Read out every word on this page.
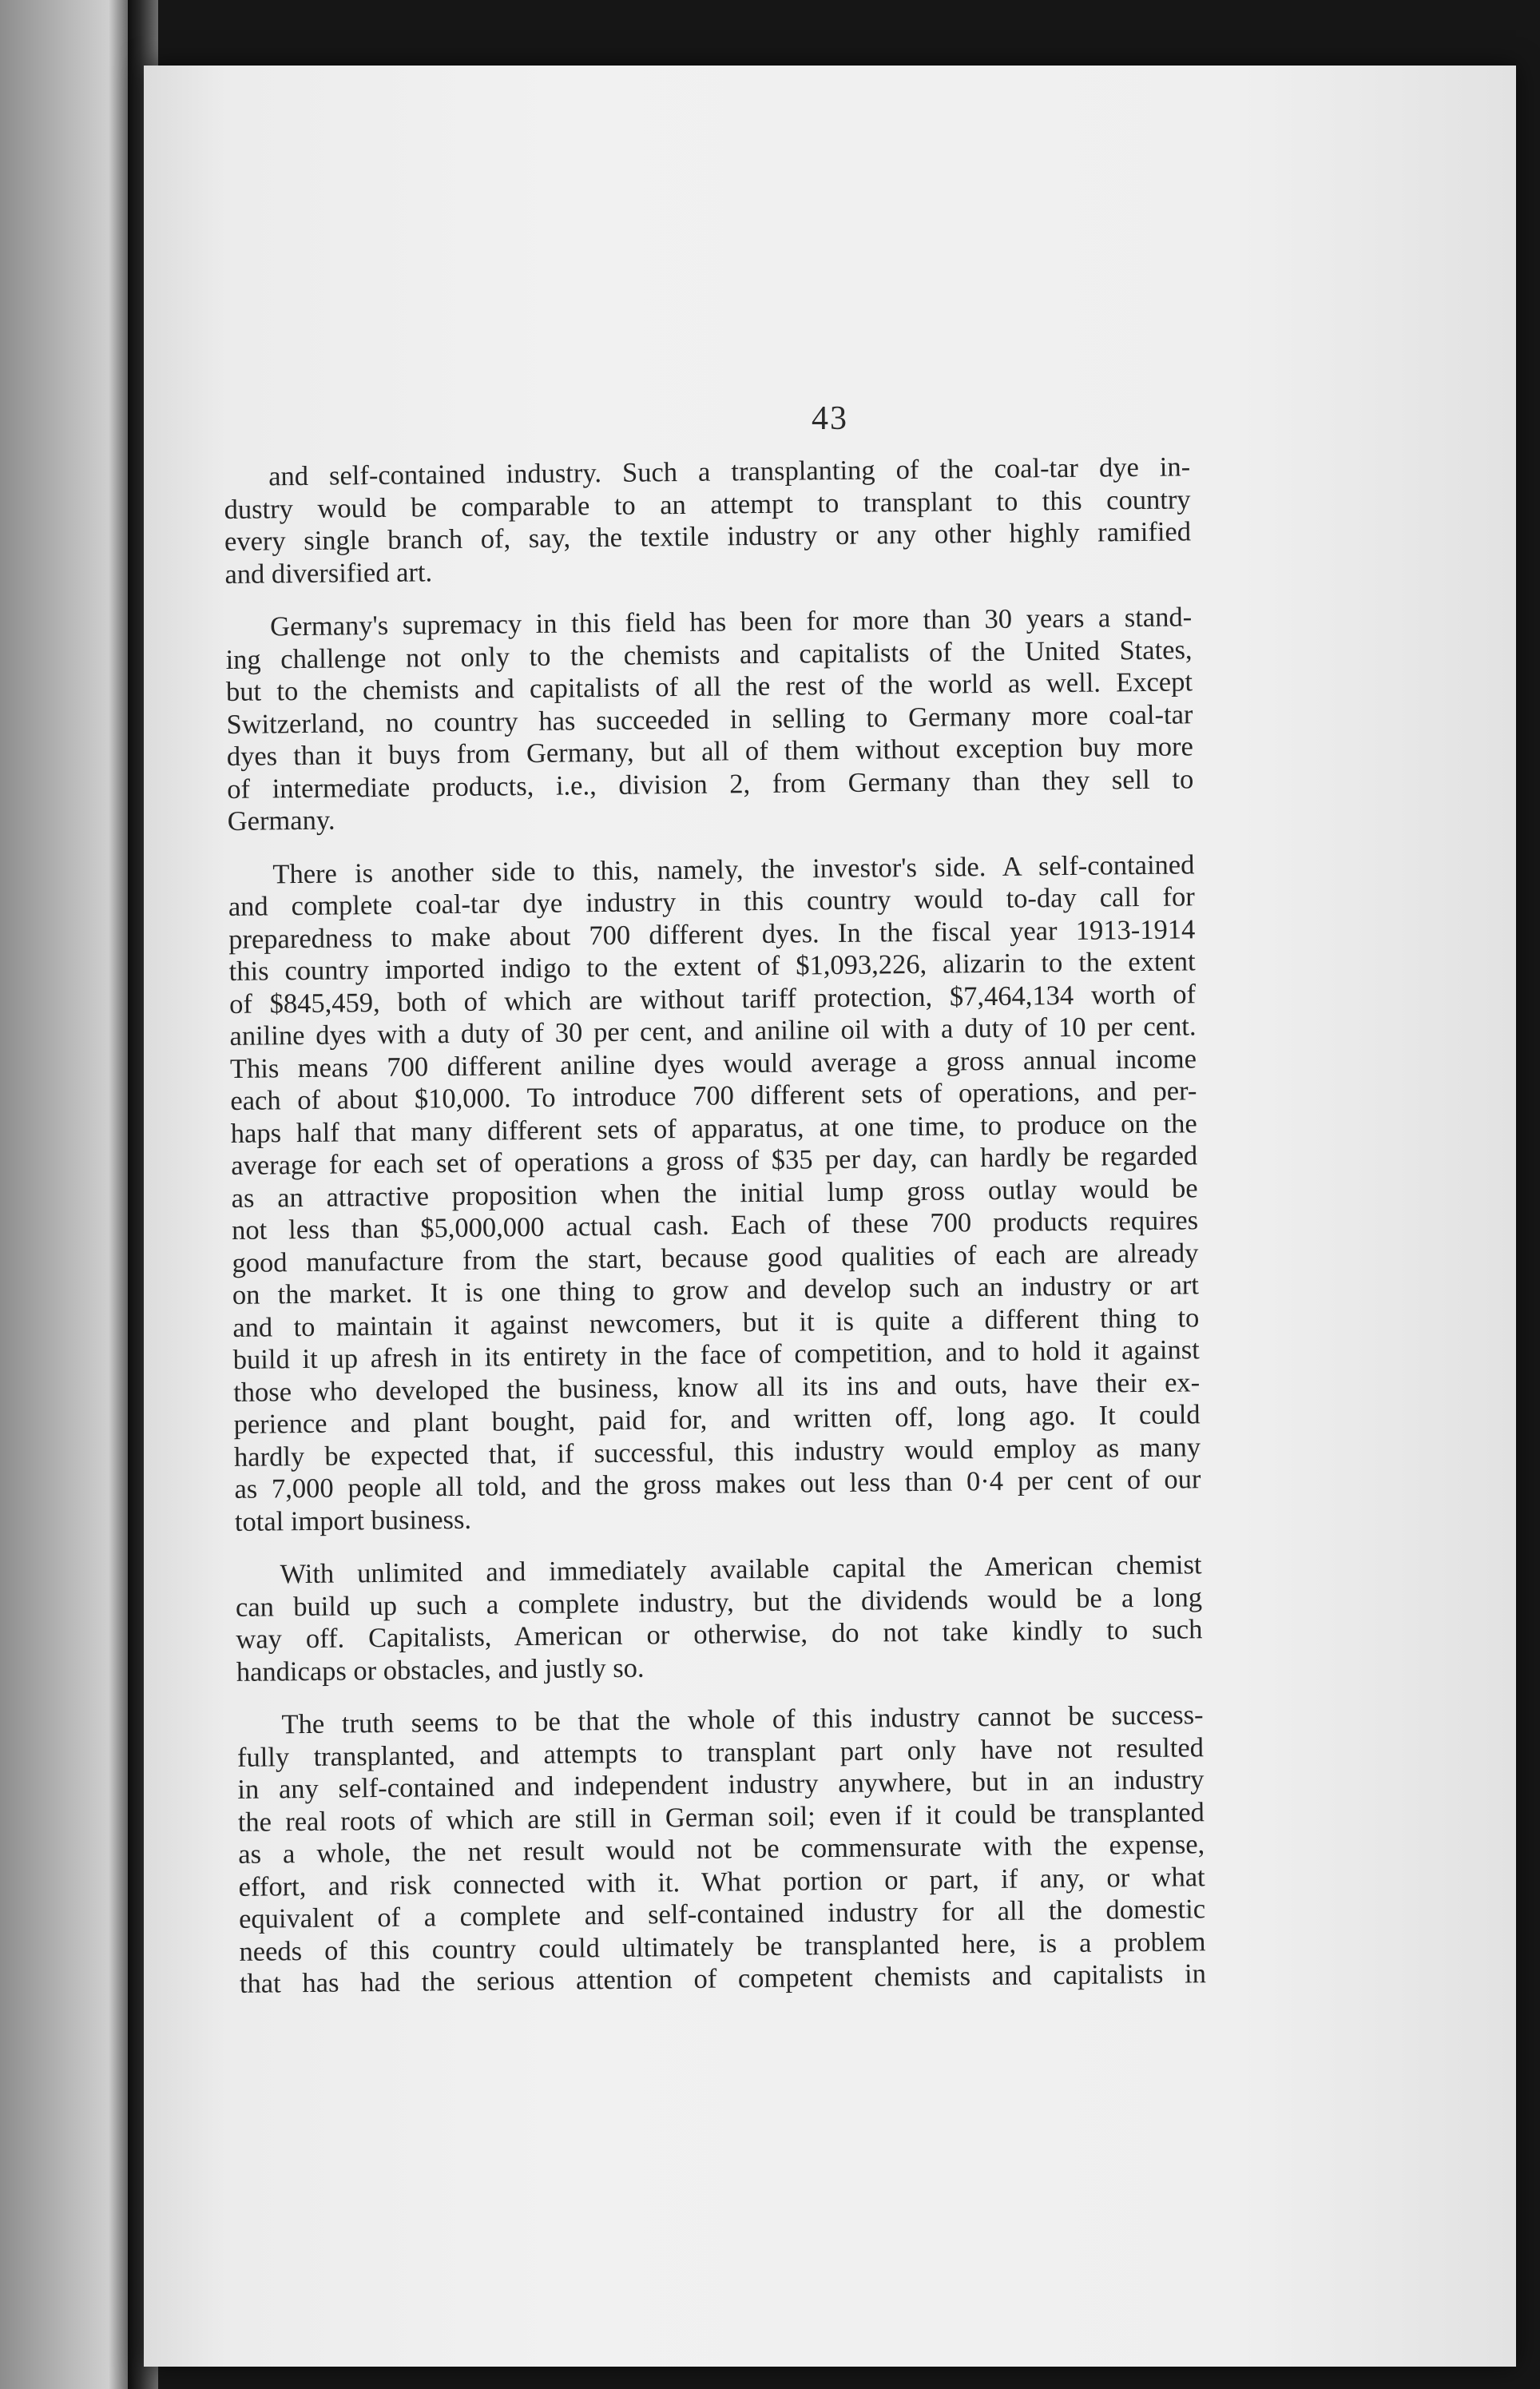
43
and self-contained industry. Such a transplanting of the coal-tar dye in-
dustry would be comparable to an attempt to transplant to this country
every single branch of, say, the textile industry or any other highly ramified
and diversified art.
Germany's supremacy in this field has been for more than 30 years a stand-
ing challenge not only to the chemists and capitalists of the United States,
but to the chemists and capitalists of all the rest of the world as well. Except
Switzerland, no country has succeeded in selling to Germany more coal-tar
dyes than it buys from Germany, but all of them without exception buy more
of intermediate products, i.e., division 2, from Germany than they sell to
Germany.
There is another side to this, namely, the investor's side. A self-contained
and complete coal-tar dye industry in this country would to-day call for
preparedness to make about 700 different dyes. In the fiscal year 1913-1914
this country imported indigo to the extent of $1,093,226, alizarin to the extent
of $845,459, both of which are without tariff protection, $7,464,134 worth of
aniline dyes with a duty of 30 per cent, and aniline oil with a duty of 10 per cent.
This means 700 different aniline dyes would average a gross annual income
each of about $10,000. To introduce 700 different sets of operations, and per-
haps half that many different sets of apparatus, at one time, to produce on the
average for each set of operations a gross of $35 per day, can hardly be regarded
as an attractive proposition when the initial lump gross outlay would be
not less than $5,000,000 actual cash. Each of these 700 products requires
good manufacture from the start, because good qualities of each are already
on the market. It is one thing to grow and develop such an industry or art
and to maintain it against newcomers, but it is quite a different thing to
build it up afresh in its entirety in the face of competition, and to hold it against
those who developed the business, know all its ins and outs, have their ex-
perience and plant bought, paid for, and written off, long ago. It could
hardly be expected that, if successful, this industry would employ as many
as 7,000 people all told, and the gross makes out less than 0·4 per cent of our
total import business.
With unlimited and immediately available capital the American chemist
can build up such a complete industry, but the dividends would be a long
way off. Capitalists, American or otherwise, do not take kindly to such
handicaps or obstacles, and justly so.
The truth seems to be that the whole of this industry cannot be success-
fully transplanted, and attempts to transplant part only have not resulted
in any self-contained and independent industry anywhere, but in an industry
the real roots of which are still in German soil; even if it could be transplanted
as a whole, the net result would not be commensurate with the expense,
effort, and risk connected with it. What portion or part, if any, or what
equivalent of a complete and self-contained industry for all the domestic
needs of this country could ultimately be transplanted here, is a problem
that has had the serious attention of competent chemists and capitalists in
